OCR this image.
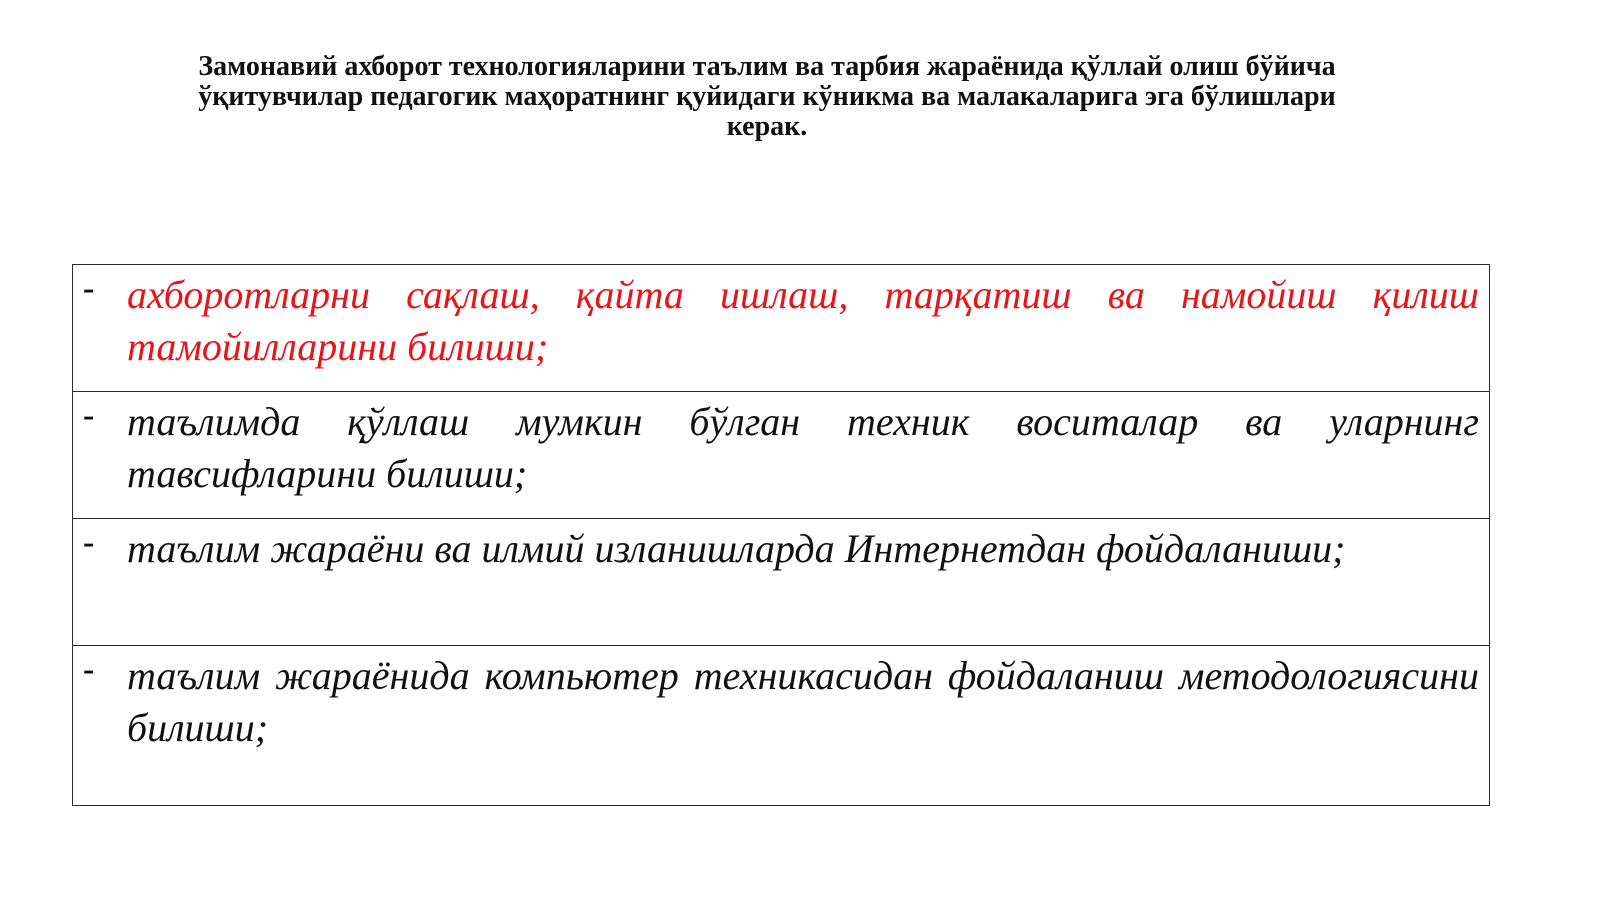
Замонавий ахборот технологияларини таълим ва тарбия жараёнида қўллай олиш бўйича
ўқитувчилар педагогик маҳоратнинг қуйидаги кўникма ва малакаларига эга бўлишлари
керак.
- ахборотларни сақлаш, қайта ишлаш, тарқатиш ва намойиш қилиш тамойилларини билиши;
- таълимда қўллаш мумкин бўлган техник воситалар ва уларнинг тавсифларини билиши;
- таълим жараёни ва илмий изланишларда Интернетдан фойдаланиши;
- таълим жараёнида компьютер техникасидан фойдаланиш методологиясини билиши;
